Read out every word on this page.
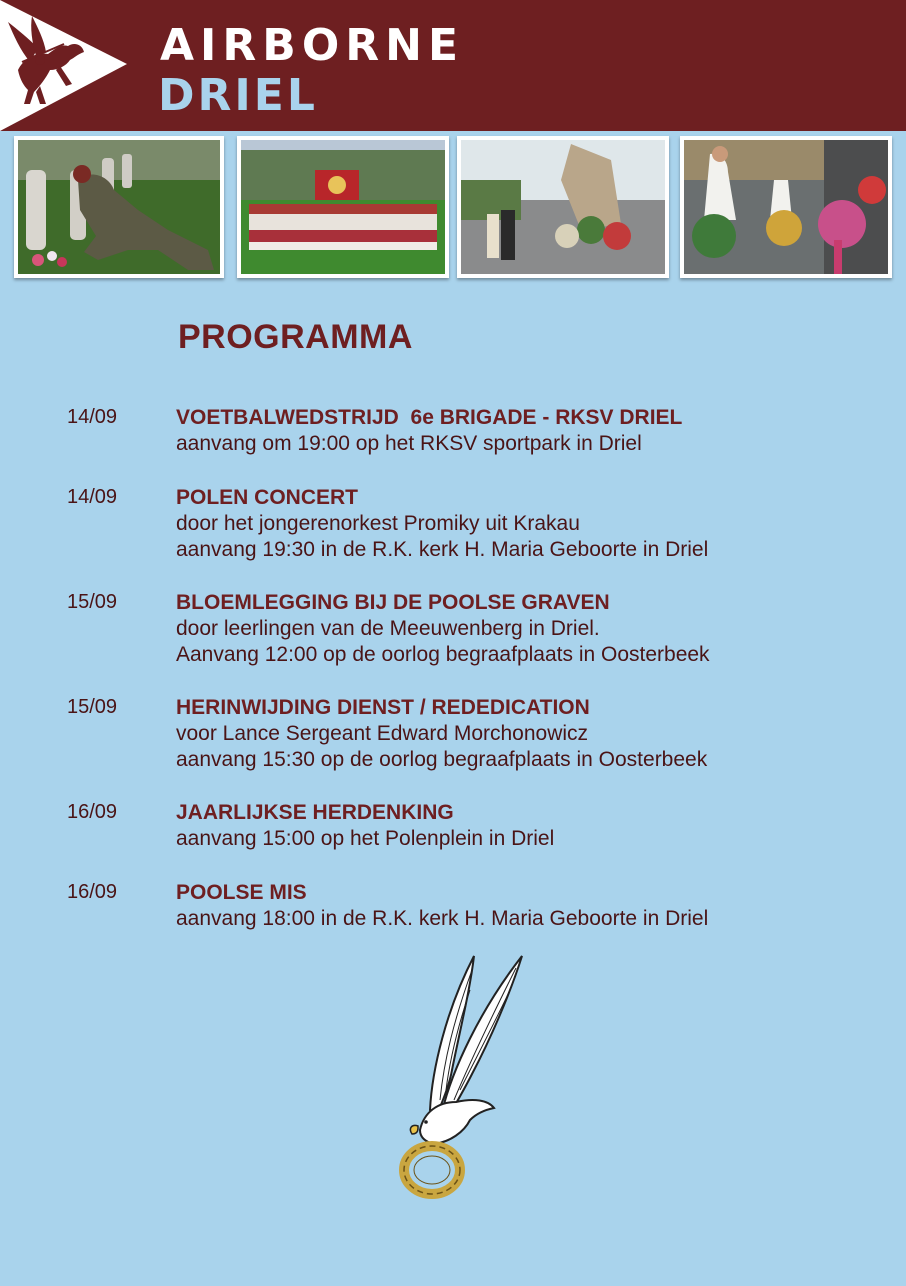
AIRBORNE
DRIEL
PROGRAMMA
14/09	VOETBALWEDSTRIJD  6e BRIGADE - RKSV DRIEL
aanvang om 19:00 op het RKSV sportpark in Driel
14/09	POLEN CONCERT
door het jongerenorkest Promiky uit Krakau
aanvang 19:30 in de R.K. kerk H. Maria Geboorte in Driel
15/09	BLOEMLEGGING BIJ DE POOLSE GRAVEN
door leerlingen van de Meeuwenberg in Driel.
Aanvang 12:00 op de oorlog begraafplaats in Oosterbeek
15/09	HERINWIJDING DIENST / REDEDICATION
voor Lance Sergeant Edward Morchonowicz
aanvang 15:30 op de oorlog begraafplaats in Oosterbeek
16/09	JAARLIJKSE HERDENKING
aanvang 15:00 op het Polenplein in Driel
16/09	POOLSE MIS
aanvang 18:00 in de R.K. kerk H. Maria Geboorte in Driel
